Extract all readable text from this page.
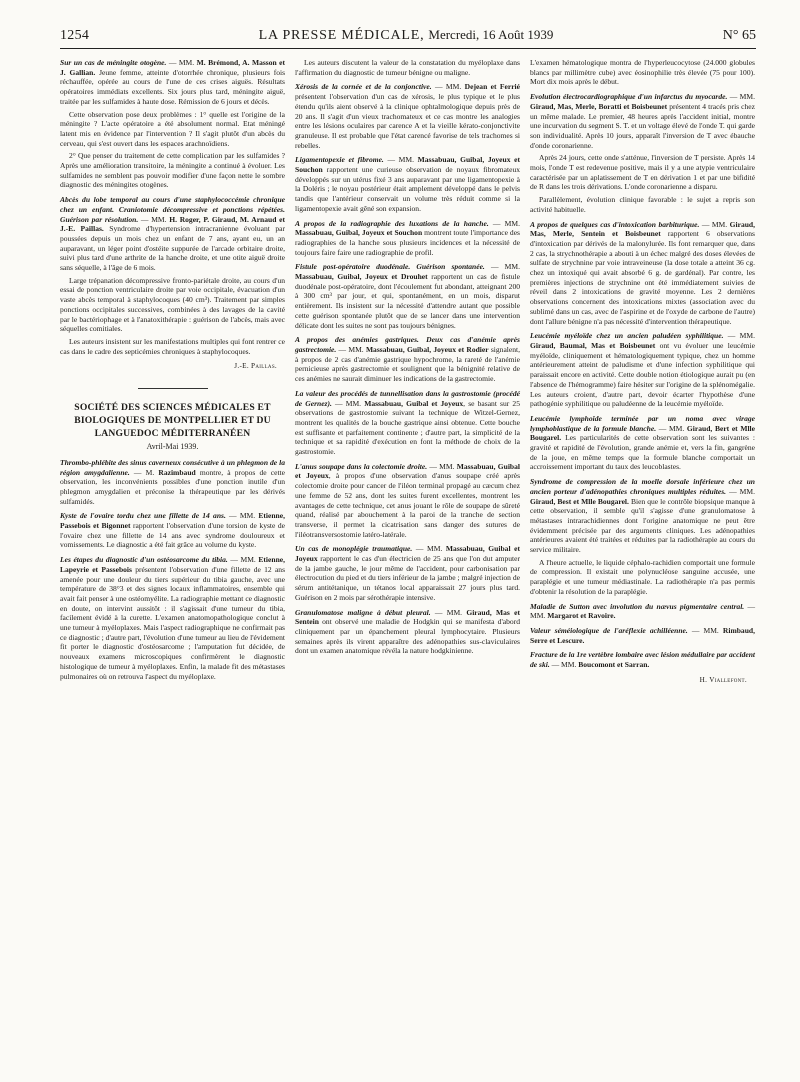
1254	LA PRESSE MÉDICALE, Mercredi, 16 Août 1939	N° 65

Sur un cas de méningite otogène. — MM. M. Brémond, A. Masson et J. Gallian. Jeune femme, atteinte d'otorrhée chronique, plusieurs fois réchauffée, opérée au cours de l'une de ces crises aiguës. Résultats opératoires immédiats excellents. Six jours plus tard, méningite aiguë, traitée par les sulfamides à haute dose. Rémission de 6 jours et décès.

Cette observation pose deux problèmes : 1° quelle est l'origine de la méningite ? L'acte opératoire a été absolument normal. Etat méningé latent mis en évidence par l'intervention ? Il s'agit plutôt d'un abcès du cerveau, qui s'est ouvert dans les espaces arachnoïdiens.

2° Que penser du traitement de cette complication par les sulfamides ? Après une amélioration transitoire, la méningite a continué à évoluer. Les sulfamides ne semblent pas pouvoir modifier d'une façon nette le sombre diagnostic des méningites otogènes.

Abcès du lobe temporal au cours d'une staphylococcémie chronique chez un enfant. Craniotomie décompressive et ponctions répétées. Guérison par résolution. — MM. H. Roger, P. Giraud, M. Arnaud et J.-E. Paillas. Syndrome d'hypertension intracranienne évoluant par poussées depuis un mois chez un enfant de 7 ans, ayant eu, un an auparavant, un léger point d'ostéite suppurée de l'arcade orbitaire droite, suivi plus tard d'une arthrite de la hanche droite, et une otite aiguë droite sans séquelle, à l'âge de 6 mois.

Large trépanation décompressive fronto-pariétale droite, au cours d'un essai de ponction ventriculaire droite par voie occipitale, évacuation d'un vaste abcès temporal à staphylocoques (40 cm³). Traitement par simples ponctions occipitales successives, combinées à des lavages de la cavité par le bactériophage et à l'anatoxithérapie : guérison de l'abcès, mais avec séquelles comitiales.

Les auteurs insistent sur les manifestations multiples qui font rentrer ce cas dans le cadre des septicémies chroniques à staphylocoques.

J.-E. Paillas.
SOCIÉTÉ DES SCIENCES MÉDICALES ET BIOLOGIQUES DE MONTPELLIER ET DU LANGUEDOC MÉDITERRANÉEN
Avril-Mai 1939.

Thrombo-phlébite des sinus caverneux consécutive à un phlegmon de la région amygdalienne. — M. Razimbaud montre, à propos de cette observation, les inconvénients possibles d'une ponction inutile d'un phlegmon amygdalien et préconise la thérapeutique par les dérivés sulfamidés.

Kyste de l'ovaire tordu chez une fillette de 14 ans. — MM. Etienne, Passebois et Bigonnet rapportent l'observation d'une torsion de kyste de l'ovaire chez une fillette de 14 ans avec syndrome douloureux et vomissements. Le diagnostic a été fait grâce au volume du kyste.

Les étapes du diagnostic d'un ostéosarcome du tibia. — MM. Etienne, Lapeyrie et Passebois présentent l'observation d'une fillette de 12 ans amenée pour une douleur du tiers supérieur du tibia gauche, avec une température de 38°3 et des signes locaux inflammatoires, ensemble qui avait fait penser à une ostéomyélite. La radiographie mettant ce diagnostic en doute, on intervint aussitôt : il s'agissait d'une tumeur du tibia, facilement évidé à la curette. L'examen anatomopathologique conclut à une tumeur à myéloplaxes. Mais l'aspect radiographique ne confirmait pas ce diagnostic ; d'autre part, l'évolution d'une tumeur au lieu de l'évidement fit porter le diagnostic d'ostéosarcome ; l'amputation fut décidée, de nouveaux examens microscopiques confirmèrent le diagnostic histologique de tumeur à myéloplaxes. Enfin, la malade fit des métastases pulmonaires où on retrouva l'aspect du myéloplaxe.

Les auteurs discutent la valeur de la constatation du myéloplaxe dans l'affirmation du diagnostic de tumeur bénigne ou maligne.

Xérosis de la cornée et de la conjonctive. — MM. Dejean et Ferrié présentent l'observation d'un cas de xérosis, le plus typique et le plus étendu qu'ils aient observé à la clinique ophtalmologique depuis près de 20 ans. Il s'agit d'un vieux trachomateux et ce cas montre les analogies entre les lésions oculaires par carence A et la vieille kérato-conjonctivite granuleuse. Il est probable que l'état carencé favorise de tels trachomes si rebelles.

Ligamentopexie et fibrome. — MM. Massabuau, Guibal, Joyeux et Souchon rapportent une curieuse observation de noyaux fibromateux développés sur un utérus fixé 3 ans auparavant par une ligamentopexie à la Doléris ; le noyau postérieur était amplement développé dans le pelvis tandis que l'antérieur conservait un volume très réduit comme si la ligamentopexie avait gêné son expansion.

A propos de la radiographie des luxations de la hanche. — MM. Massabuau, Guibal, Joyeux et Souchon montrent toute l'importance des radiographies de la hanche sous plusieurs incidences et la nécessité de toujours faire faire une radiographie de profil.

Fistule post-opératoire duodénale. Guérison spontanée. — MM. Massabuau, Guibal, Joyeux et Drouhet rapportent un cas de fistule duodénale post-opératoire, dont l'écoulement fut abondant, atteignant 200 à 300 cm³ par jour, et qui, spontanément, en un mois, disparut entièrement. Ils insistent sur la nécessité d'attendre autant que possible cette guérison spontanée plutôt que de se lancer dans une intervention délicate dont les suites ne sont pas toujours bénignes.

A propos des anémies gastriques. Deux cas d'anémie après gastrectomie. — MM. Massabuau, Guibal, Joyeux et Rodier signalent, à propos de 2 cas d'anémie gastrique hypochrome, la rareté de l'anémie pernicieuse après gastrectomie et soulignent que la bénignité relative de ces anémies ne saurait diminuer les indications de la gastrectomie.

La valeur des procédés de tunnellisation dans la gastrostomie (procédé de Gernez). — MM. Massabuau, Guibal et Joyeux, se basant sur 25 observations de gastrostomie suivant la technique de Witzel-Gernez, montrent les qualités de la bouche gastrique ainsi obtenue. Cette bouche est suffisante et parfaitement continente ; d'autre part, la simplicité de la technique et sa rapidité d'exécution en font la méthode de choix de la gastrostomie.

L'anus soupape dans la colectomie droite. — MM. Massabuau, Guibal et Joyeux, à propos d'une observation d'anus soupape créé après colectomie droite pour cancer de l'iléon terminal propagé au cæcum chez une femme de 52 ans, dont les suites furent excellentes, montrent les avantages de cette technique, cet anus jouant le rôle de soupape de sûreté quand, réalisé par abouchement à la paroi de la tranche de section transverse, il permet la cicatrisation sans danger des sutures de l'iléotransversostomie latéro-latérale.

Un cas de monoplégie traumatique. — MM. Massabuau, Guibal et Joyeux rapportent le cas d'un électricien de 25 ans que l'on dut amputer de la jambe gauche, le jour même de l'accident, pour carbonisation par électrocution du pied et du tiers inférieur de la jambe ; malgré injection de sérum antitétanique, un tétanos local apparaissait 27 jours plus tard. Guérison en 2 mois par sérothérapie intensive.

Granulomatose maligne à début pleural. — MM. Giraud, Mas et Sentein ont observé une maladie de Hodgkin qui se manifesta d'abord cliniquement par un épanchement pleural lymphocytaire. Plusieurs semaines après ils virent apparaître des adénopathies sus-claviculaires dont un examen anatomique révéla la nature hodgkinienne.

L'examen hématologique montra de l'hyperleucocytose (24.000 globules blancs par millimètre cube) avec éosinophilie très élevée (75 pour 100). Mort dix mois après le début.

Evolution électrocardiographique d'un infarctus du myocarde. — MM. Giraud, Mas, Merle, Boratti et Boisbeunet présentent 4 tracés pris chez un même malade. Le premier, 48 heures après l'accident initial, montre une incurvation du segment S. T. et un voltage élevé de l'onde T. qui garde son individualité. Après 10 jours, apparaît l'inversion de T avec ébauche d'onde coronarienne.

Après 24 jours, cette onde s'atténue, l'inversion de T persiste. Après 14 mois, l'onde T est redevenue positive, mais il y a une atypie ventriculaire caractérisée par un aplatissement de T en dérivation 1 et par une bifidité de R dans les trois dérivations. L'onde coronarienne a disparu.

Parallèlement, évolution clinique favorable : le sujet a repris son activité habituelle.

A propos de quelques cas d'intoxication barbiturique. — MM. Giraud, Mas, Merle, Sentein et Boisbeunet rapportent 6 observations d'intoxication par dérivés de la malonylurée. Ils font remarquer que, dans 2 cas, la strychnothérapie a abouti à un échec malgré des doses élevées de sulfate de strychnine par voie intraveineuse (la dose totale a atteint 36 cg. chez un intoxiqué qui avait absorbé 6 g. de gardénal). Par contre, les premières injections de strychnine ont été immédiatement suivies de réveil dans 2 intoxications de gravité moyenne. Les 2 dernières observations concernent des intoxications mixtes (association avec du sublimé dans un cas, avec de l'aspirine et de l'oxyde de carbone de l'autre) dont l'allure bénigne n'a pas nécessité d'intervention thérapeutique.

Leucémie myéloïde chez un ancien paludéen syphilitique. — MM. Giraud, Baumal, Mas et Boisbeunet ont vu évoluer une leucémie myéloïde, cliniquement et hématologiquement typique, chez un homme antérieurement atteint de paludisme et d'une infection syphilitique qui paraissait encore en activité. Cette double notion étiologique aurait pu (en l'absence de l'hémogramme) faire hésiter sur l'origine de la splénomégalie. Les auteurs croient, d'autre part, devoir écarter l'hypothèse d'une pathogénie syphilitique ou paludéenne de la leucémie myéloïde.

Leucémie lymphoïde terminée par un noma avec virage lymphoblastique de la formule blanche. — MM. Giraud, Bert et Mlle Bougarel. Les particularités de cette observation sont les suivantes : gravité et rapidité de l'évolution, grande anémie et, vers la fin, gangrène de la joue, en même temps que la formule blanche comportait un accroissement important du taux des leucoblastes.

Syndrome de compression de la moelle dorsale inférieure chez un ancien porteur d'adénopathies chroniques multiples réduites. — MM. Giraud, Best et Mlle Bougarel. Bien que le contrôle biopsique manque à cette observation, il semble qu'il s'agisse d'une granulomatose à métastases intrarachidiennes dont l'origine anatomique ne peut être évidemment précisée par des arguments cliniques. Les adénopathies antérieures avaient été traitées et réduites par la radiothérapie au cours du service militaire.

A l'heure actuelle, le liquide céphalo-rachidien comportait une formule de compression. Il existait une polynucléose sanguine accusée, une paraplégie et une tumeur médiastinale. La radiothérapie n'a pas permis d'obtenir la résolution de la paraplégie.

Maladie de Sutton avec involution du nævus pigmentaire central. — MM. Margarot et Ravoire.

Valeur séméiologique de l'aréflexie achilléenne. — MM. Rimbaud, Serre et Lescure.

Fracture de la 1re vertèbre lombaire avec lésion médullaire par accident de ski. — MM. Boucomont et Sarran.

H. Viallefont.
